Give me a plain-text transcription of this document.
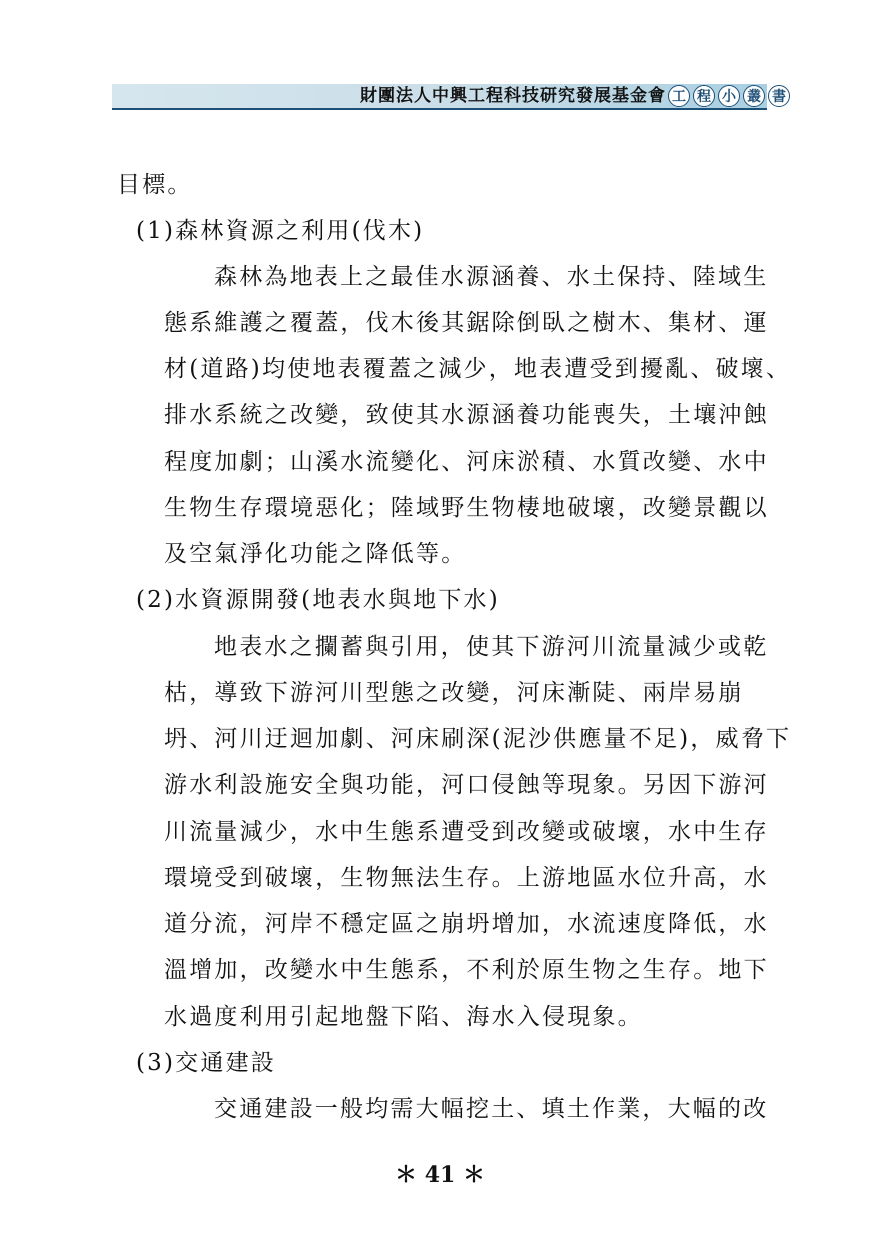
財團法人中興工程科技研究發展基金會 工 程 小 叢 書
目標。
(1)森林資源之利用(伐木)
森林為地表上之最佳水源涵養、水土保持、陸域生
態系維護之覆蓋，伐木後其鋸除倒臥之樹木、集材、運
材(道路)均使地表覆蓋之減少，地表遭受到擾亂、破壞、
排水系統之改變，致使其水源涵養功能喪失，土壤沖蝕
程度加劇；山溪水流變化、河床淤積、水質改變、水中
生物生存環境惡化；陸域野生物棲地破壞，改變景觀以
及空氣淨化功能之降低等。
(2)水資源開發(地表水與地下水)
地表水之攔蓄與引用，使其下游河川流量減少或乾
枯，導致下游河川型態之改變，河床漸陡、兩岸易崩
坍、河川迂迴加劇、河床刷深(泥沙供應量不足)，威脅下
游水利設施安全與功能，河口侵蝕等現象。另因下游河
川流量減少，水中生態系遭受到改變或破壞，水中生存
環境受到破壞，生物無法生存。上游地區水位升高，水
道分流，河岸不穩定區之崩坍增加，水流速度降低，水
溫增加，改變水中生態系，不利於原生物之生存。地下
水過度利用引起地盤下陷、海水入侵現象。
(3)交通建設
交通建設一般均需大幅挖土、填土作業，大幅的改
＊ 41 ＊
